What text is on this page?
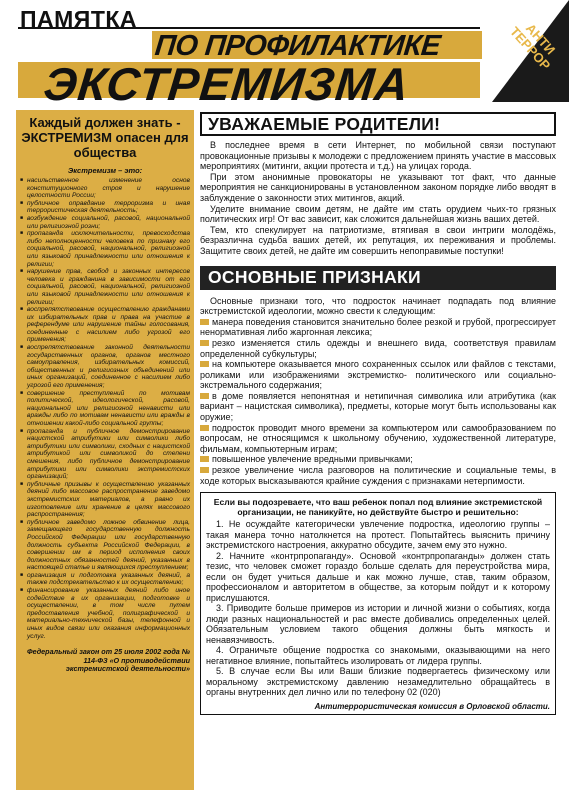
ПАМЯТКА
ПО ПРОФИЛАКТИКЕ
ЭКСТРЕМИЗМА
АНТИ ТЕРРОР
Каждый должен знать - ЭКСТРЕМИЗМ опасен для общества
Экстремизм – это:
■ насильственное изменение основ конституционного строя и нарушение целостности России;
■ публичное оправдание терроризма и иная террористическая деятельность;
■ возбуждение социальной, расовой, национальной или религиозной розни;
■ пропаганда исключительности, превосходства либо неполноценности человека по признаку его социальной, расовой, национальной, религиозной или языковой принадлежности или отношения к религии;
■ нарушение прав, свобод и законных интересов человека и гражданина в зависимости от его социальной, расовой, национальной, религиозной или языковой принадлежности или отношения к религии;
■ воспрепятствование осуществлению гражданами их избирательных прав и права на участие в референдуме или нарушение тайны голосования, соединенные с насилием либо угрозой его применения;
■ воспрепятствование законной деятельности государственных органов, органов местного самоуправления, избирательных комиссий, общественных и религиозных объединений или иных организаций, соединенное с насилием либо угрозой его применения;
■ совершение преступлений по мотивам политической, идеологической, расовой, национальной или религиозной ненависти или вражды либо по мотивам ненависти или вражды в отношении какой-либо социальной группы;
■ пропаганда и публичное демонстрирование нацистской атрибутики или символики либо атрибутики или символики, сходных с нацистской атрибутикой или символикой до степени смешения, либо публичное демонстрирование атрибутики или символики экстремистских организаций;
■ публичные призывы к осуществлению указанных деяний либо массовое распространение заведомо экстремистских материалов, а равно их изготовление или хранение в целях массового распространения;
■ публичное заведомо ложное обвинение лица, замещающего государственную должность Российской Федерации или государственную должность субъекта Российской Федерации, в совершении им в период исполнения своих должностных обязанностей деяний, указанных в настоящей статье и являющихся преступлением;
■ организация и подготовка указанных деяний, а также подстрекательство к их осуществлению;
■ финансирование указанных деяний либо иное содействие в их организации, подготовке и осуществлении, в том числе путем предоставления учебной, полиграфической и материально-технической базы, телефонной и иных видов связи или оказания информационных услуг.
Федеральный закон от 25 июля 2002 года № 114-ФЗ «О противодействии экстремистской деятельности»
УВАЖАЕМЫЕ РОДИТЕЛИ!
В последнее время в сети Интернет, по мобильной связи поступают провокационные призывы к молодежи с предложением принять участие в массовых мероприятиях (митинги, акции протеста и т.д.) на улицах города.
При этом анонимные провокаторы не указывают тот факт, что данные мероприятия не санкционированы в установленном законом порядке либо вводят в заблуждение о законности этих митингов, акций.
Уделите внимание своим детям, не дайте им стать орудием чьих-то грязных политических игр! От вас зависит, как сложится дальнейшая жизнь ваших детей.
Тем, кто спекулирует на патриотизме, втягивая в свои интриги молодёжь, безразлична судьба ваших детей, их репутация, их переживания и проблемы. Защитите своих детей, не дайте им совершить непоправимые поступки!
ОСНОВНЫЕ ПРИЗНАКИ
Основные признаки того, что подросток начинает подпадать под влияние экстремистской идеологии, можно свести к следующим:
манера поведения становится значительно более резкой и грубой, прогрессирует ненормативная либо жаргонная лексика;
резко изменяется стиль одежды и внешнего вида, соответствуя правилам определенной субкультуры;
на компьютере оказывается много сохраненных ссылок или файлов с текстами, роликами или изображениями экстремистко- политического или социально-экстремального содержания;
в доме появляется непонятная и нетипичная символика или атрибутика (как вариант – нацистская символика), предметы, которые могут быть использованы как оружие;
подросток проводит много времени за компьютером или самообразованием по вопросам, не относящимся к школьному обучению, художественной литературе, фильмам, компьютерным играм;
повышенное увлечение вредными привычками;
резкое увеличение числа разговоров на политические и социальные темы, в ходе которых высказываются крайние суждения с признаками нетерпимости.
Если вы подозреваете, что ваш ребенок попал под влияние экстремистской организации, не паникуйте, но действуйте быстро и решительно:
1. Не осуждайте категорически увлечение подростка, идеологию группы – такая манера точно натолкнется на протест. Попытайтесь выяснить причину экстремистского настроения, аккуратно обсудите, зачем ему это нужно.
2. Начните «контрпропаганду». Основой «контрпропаганды» должен стать тезис, что человек сможет гораздо больше сделать для переустройства мира, если он будет учиться дальше и как можно лучше, став, таким образом, профессионалом и авторитетом в обществе, за которым пойдут и к которому прислушаются.
3. Приводите больше примеров из истории и личной жизни о событиях, когда люди разных национальностей и рас вместе добивались определенных целей. Обязательным условием такого общения должны быть мягкость и ненавязчивость.
4. Ограничьте общение подростка со знакомыми, оказывающими на него негативное влияние, попытайтесь изолировать от лидера группы.
5. В случае если Вы или Ваши близкие подвергаетесь физическому или моральному экстремистскому давлению незамедлительно обращайтесь в органы внутренних дел лично или по телефону 02 (020)
Антитеррористическая комиссия в Орловской области.
